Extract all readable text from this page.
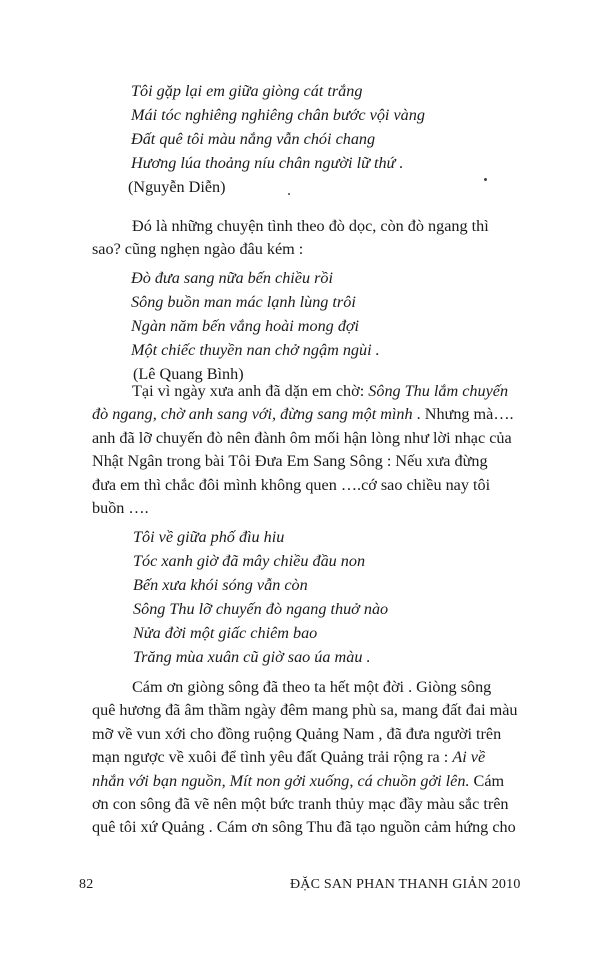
Tôi gặp lại em giữa giòng cát trắng
Mái tóc nghiêng nghiêng chân bước vội vàng
Đất quê tôi màu nắng vẫn chói chang
Hương lúa thoảng níu chân người lữ thứ .
(Nguyễn Diễn)
Đó là những chuyện tình theo đò dọc, còn đò ngang thì
sao? cũng nghẹn ngào đâu kém :
Đò đưa sang nữa bến chiều rồi
Sông buồn man mác lạnh lùng trôi
Ngàn năm bến vắng hoài mong đợi
Một chiếc thuyền nan chở ngậm ngùi .
(Lê Quang Bình)
Tại vì ngày xưa anh đã dặn em chờ: Sông Thu lắm chuyến
đò ngang, chờ anh sang với, đừng sang một mình . Nhưng mà….
anh đã lỡ chuyến đò nên đành ôm mối hận lòng như lời nhạc của
Nhật Ngân trong bài Tôi Đưa Em Sang Sông : Nếu xưa đừng
đưa em thì chắc đôi mình không quen ….cớ sao chiều nay tôi
buồn ….
Tôi về giữa phố đìu hiu
Tóc xanh giờ đã mây chiều đầu non
Bến xưa khói sóng vẫn còn
Sông Thu lỡ chuyến đò ngang thuở nào
Nửa đời một giấc chiêm bao
Trăng mùa xuân cũ giờ sao úa màu .
Cám ơn giòng sông đã theo ta hết một đời . Giòng sông
quê hương đã âm thầm ngày đêm mang phù sa, mang đất đai màu
mỡ về vun xới cho đồng ruộng Quảng Nam , đã đưa người trên
mạn ngược về xuôi để tình yêu đất Quảng trải rộng ra : Ai về
nhắn với bạn nguồn, Mít non gởi xuống, cá chuồn gởi lên. Cám
ơn con sông đã vẽ nên một bức tranh thủy mạc đầy màu sắc trên
quê tôi xứ Quảng . Cám ơn sông Thu đã tạo nguồn cảm hứng cho
82	ĐẶC SAN PHAN THANH GIẢN 2010
